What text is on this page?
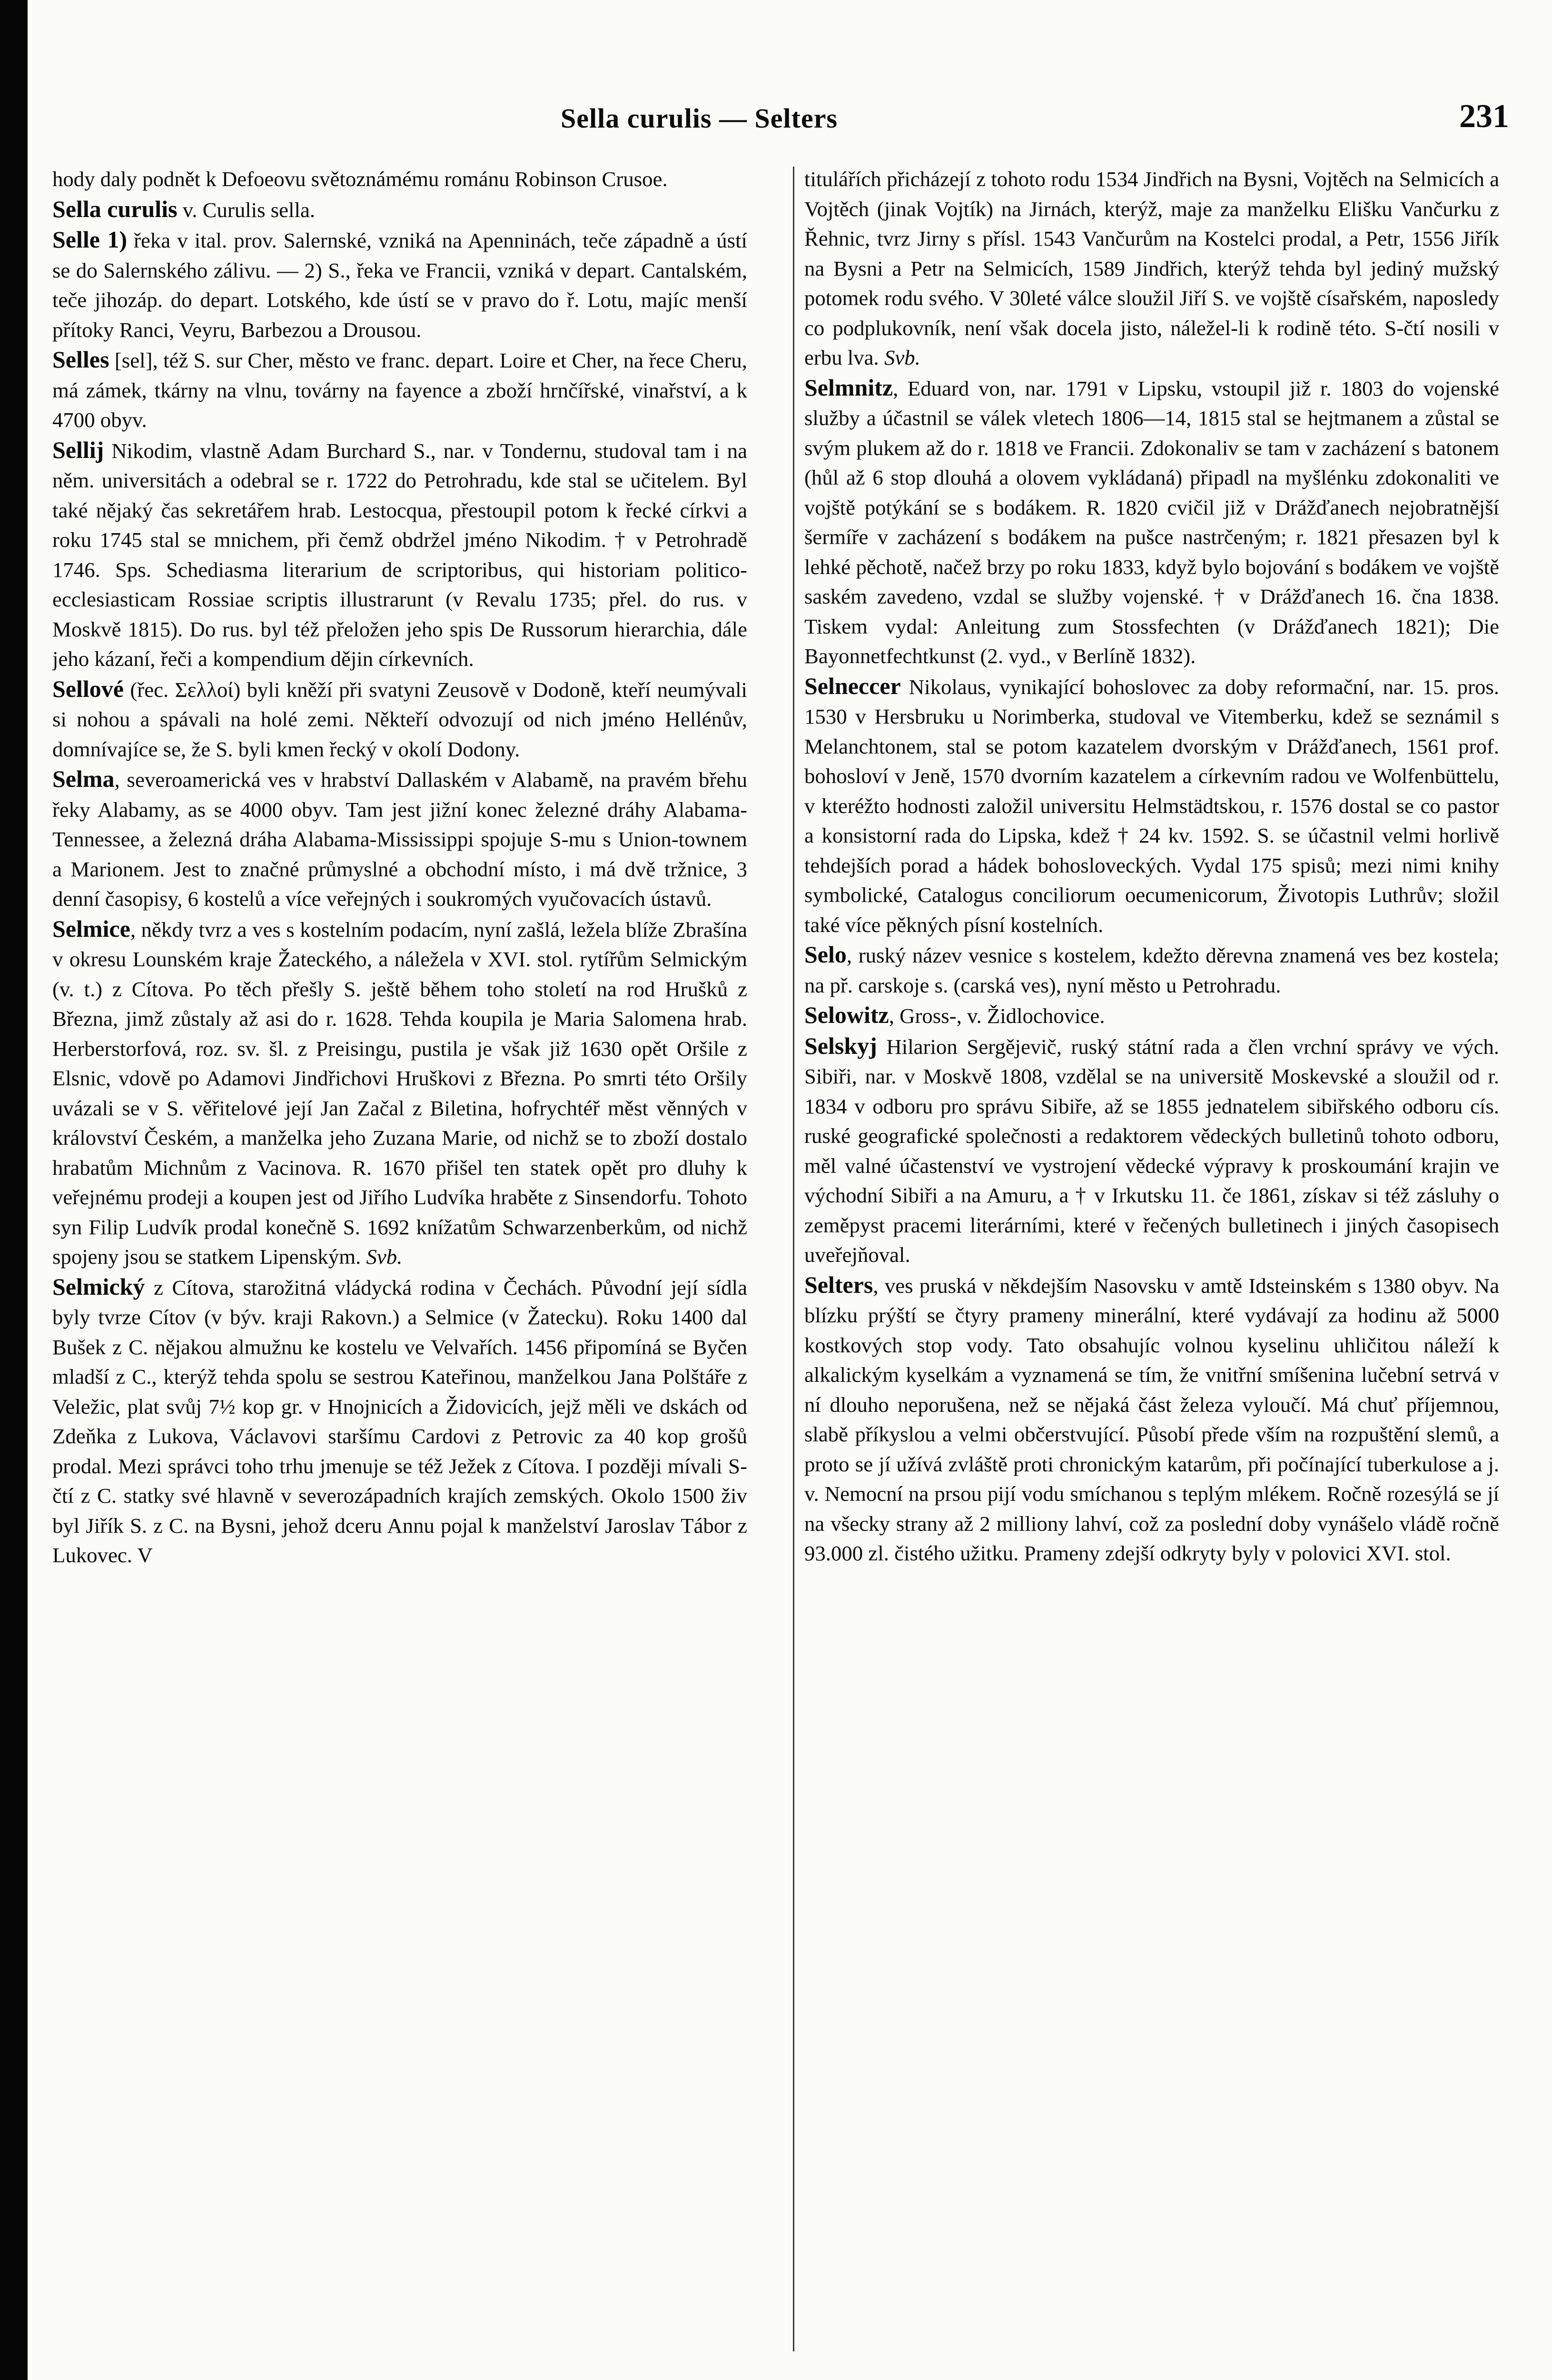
Sella curulis — Selters	231

hody daly podnět k Defoeovu světoznámému románu Robinson Crusoe.

Sella curulis v. Curulis sella.

Selle 1) řeka v ital. prov. Salernské, vzniká na Apenninách, teče západně a ústí se do Salernského zálivu. — 2) S., řeka ve Francii, vzniká v depart. Cantalském, teče jihozáp. do depart. Lotského, kde ústí se v pravo do ř. Lotu, majíc menší přítoky Ranci, Veyru, Barbezou a Drousou.

Selles [sel], též S. sur Cher, město ve franc. depart. Loire et Cher, na řece Cheru, má zámek, tkárny na vlnu, továrny na fayence a zboží hrnčířské, vinařství, a k 4700 obyv.

Sellij Nikodim, vlastně Adam Burchard S., nar. v Tondernu, studoval tam i na něm. universitách a odebral se r. 1722 do Petrohradu, kde stal se učitelem. Byl také nějaký čas sekretářem hrab. Lestocqua, přestoupil potom k řecké církvi a roku 1745 stal se mnichem, při čemž obdržel jméno Nikodim. † v Petrohradě 1746. Sps. Schediasma literarium de scriptoribus, qui historiam politico-ecclesiasticam Rossiae scriptis illustrarunt (v Revalu 1735; přel. do rus. v Moskvě 1815). Do rus. byl též přeložen jeho spis De Russorum hierarchia, dále jeho kázaní, řeči a kompendium dějin církevních.

Sellové (řec. Σελλοί) byli kněží při svatyni Zeusově v Dodoně, kteří neumývali si nohou a spávali na holé zemi. Někteří odvozují od nich jméno Hellénův, domnívajíce se, že S. byli kmen řecký v okolí Dodony.

Selma, severoamerická ves v hrabství Dallaském v Alabamě, na pravém břehu řeky Alabamy, as se 4000 obyv. Tam jest jižní konec železné dráhy Alabama-Tennessee, a železná dráha Alabama-Mississippi spojuje S-mu s Union-townem a Marionem. Jest to značné průmyslné a obchodní místo, i má dvě tržnice, 3 denní časopisy, 6 kostelů a více veřejných i soukromých vyučovacích ústavů.

Selmice, někdy tvrz a ves s kostelním podacím, nyní zašlá, ležela blíže Zbrašína v okresu Lounském kraje Žateckého, a náležela v XVI. stol. rytířům Selmickým (v. t.) z Cítova. Po těch přešly S. ještě během toho století na rod Hrušků z Března, jimž zůstaly až asi do r. 1628. Tehda koupila je Maria Salomena hrab. Herberstorfová, roz. sv. šl. z Preisingu, pustila je však již 1630 opět Oršile z Elsnic, vdově po Adamovi Jindřichovi Hruškovi z Března. Po smrti této Oršily uvázali se v S. věřitelové její Jan Začal z Biletina, hofrychtéř měst věnných v království Českém, a manželka jeho Zuzana Marie, od nichž se to zboží dostalo hrabatům Michnům z Vacinova. R. 1670 přišel ten statek opět pro dluhy k veřejnému prodeji a koupen jest od Jiřího Ludvíka hraběte z Sinsendorfu. Tohoto syn Filip Ludvík prodal konečně S. 1692 knížatům Schwarzenberkům, od nichž spojeny jsou se statkem Lipenským. Svb.

Selmický z Cítova, starožitná vládycká rodina v Čechách. Původní její sídla byly tvrze Cítov (v býv. kraji Rakovn.) a Selmice (v Žatecku). Roku 1400 dal Bušek z C. nějakou almužnu ke kostelu ve Velvařích. 1456 připomíná se Byčen mladší z C., kterýž tehda spolu se sestrou Kateřinou, manželkou Jana Polštáře z Veležic, plat svůj 7½ kop gr. v Hnojnicích a Židovicích, jejž měli ve dskách od Zdeňka z Lukova, Václavovi staršímu Cardovi z Petrovic za 40 kop grošů prodal. Mezi správci toho trhu jmenuje se též Ježek z Cítova. I později mívali S-čtí z C. statky své hlavně v severozápadních krajích zemských. Okolo 1500 živ byl Jiřík S. z C. na Bysni, jehož dceru Annu pojal k manželství Jaroslav Tábor z Lukovec. V

titulářích přicházejí z tohoto rodu 1534 Jindřich na Bysni, Vojtěch na Selmicích a Vojtěch (jinak Vojtík) na Jirnách, kterýž, maje za manželku Elišku Vančurku z Řehnic, tvrz Jirny s přísl. 1543 Vančurům na Kostelci prodal, a Petr, 1556 Jiřík na Bysni a Petr na Selmicích, 1589 Jindřich, kterýž tehda byl jediný mužský potomek rodu svého. V 30leté válce sloužil Jiří S. ve vojště císařském, naposledy co podplukovník, není však docela jisto, náležel-li k rodině této. S-čtí nosili v erbu lva. Svb.

Selmnitz, Eduard von, nar. 1791 v Lipsku, vstoupil již r. 1803 do vojenské služby a účastnil se válek vletech 1806—14, 1815 stal se hejtmanem a zůstal se svým plukem až do r. 1818 ve Francii. Zdokonaliv se tam v zacházení s batonem (hůl až 6 stop dlouhá a olovem vykládaná) připadl na myšlénku zdokonaliti ve vojště potýkání se s bodákem. R. 1820 cvičil již v Drážďanech nejobratnější šermíře v zacházení s bodákem na pušce nastrčeným; r. 1821 přesazen byl k lehké pěchotě, načež brzy po roku 1833, když bylo bojování s bodákem ve vojště saském zavedeno, vzdal se služby vojenské. † v Drážďanech 16. čna 1838. Tiskem vydal: Anleitung zum Stossfechten (v Drážďanech 1821); Die Bayonnetfechtkunst (2. vyd., v Berlíně 1832).

Selneccer Nikolaus, vynikající bohoslovec za doby reformační, nar. 15. pros. 1530 v Hersbruku u Norimberka, studoval ve Vitemberku, kdež se seznámil s Melanchtonem, stal se potom kazatelem dvorským v Drážďanech, 1561 prof. bohosloví v Jeně, 1570 dvorním kazatelem a církevním radou ve Wolfenbüttelu, v kteréžto hodnosti založil universitu Helmstädtskou, r. 1576 dostal se co pastor a konsistorní rada do Lipska, kdež † 24 kv. 1592. S. se účastnil velmi horlivě tehdejších porad a hádek bohosloveckých. Vydal 175 spisů; mezi nimi knihy symbolické, Catalogus conciliorum oecumenicorum, Životopis Luthrův; složil také více pěkných písní kostelních.

Selo, ruský název vesnice s kostelem, kdežto děrevna znamená ves bez kostela; na př. carskoje s. (carská ves), nyní město u Petrohradu.

Selowitz, Gross-, v. Židlochovice.

Selskyj Hilarion Sergějevič, ruský státní rada a člen vrchní správy ve vých. Sibiři, nar. v Moskvě 1808, vzdělal se na universitě Moskevské a sloužil od r. 1834 v odboru pro správu Sibiře, až se 1855 jednatelem sibiřského odboru cís. ruské geografické společnosti a redaktorem vědeckých bulletinů tohoto odboru, měl valné účastenství ve vystrojení vědecké výpravy k proskoumání krajin ve východní Sibiři a na Amuru, a † v Irkutsku 11. če 1861, získav si též zásluhy o zeměpyst pracemi literárními, které v řečených bulletinech i jiných časopisech uveřejňoval.

Selters, ves pruská v někdejším Nasovsku v amtě Idsteinském s 1380 obyv. Na blízku prýští se čtyry prameny minerální, které vydávají za hodinu až 5000 kostkových stop vody. Tato obsahujíc volnou kyselinu uhličitou náleží k alkalickým kyselkám a vyznamená se tím, že vnitřní smíšenina lučební setrvá v ní dlouho neporušena, než se nějaká část železa vyloučí. Má chuť příjemnou, slabě příkyslou a velmi občerstvující. Působí přede vším na rozpuštění slemů, a proto se jí užívá zvláště proti chronickým katarům, při počínající tuberkulose a j. v. Nemocní na prsou pijí vodu smíchanou s teplým mlékem. Ročně rozesýlá se jí na všecky strany až 2 milliony lahví, což za poslední doby vynášelo vládě ročně 93.000 zl. čistého užitku. Prameny zdejší odkryty byly v polovici XVI. stol.
